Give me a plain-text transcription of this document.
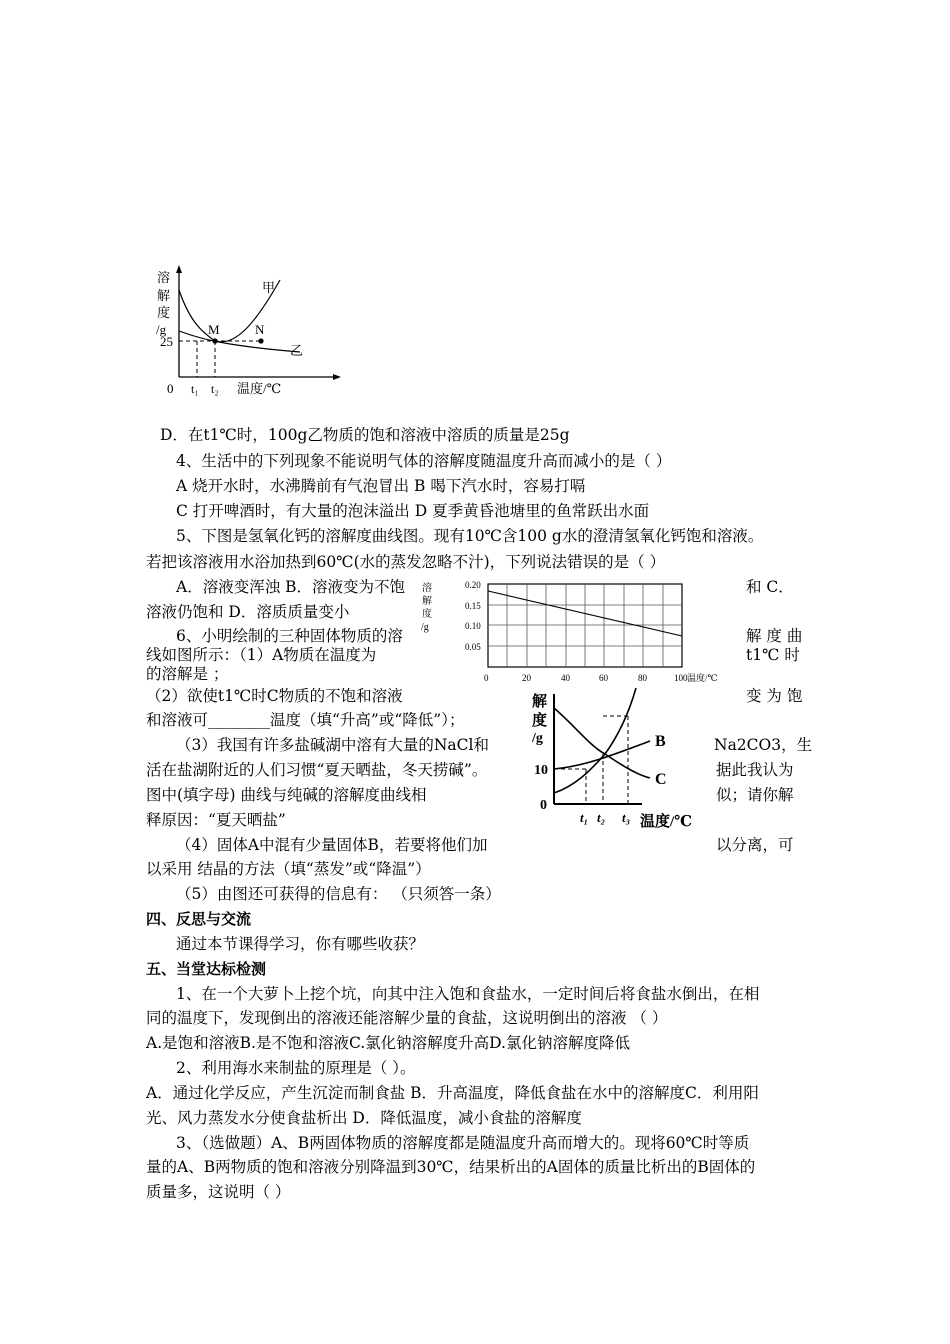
溶
解
度
/g	M	N
甲
乙
25
0 t₁ t₂ 温度/℃
溶
解
度
/g
0.20
0.15
0.10
0.05
0	20	40	60	80	100 温度/℃
解
度
/g	B
C
10
0
t₁ t₂ t₃ 温度/℃
D．在t1℃时，100g乙物质的饱和溶液中溶质的质量是25g
4、生活中的下列现象不能说明气体的溶解度随温度升高而减小的是（ ）
A 烧开水时，水沸腾前有气泡冒出 B 喝下汽水时，容易打嗝
C 打开啤酒时，有大量的泡沫溢出 D 夏季黄昏池塘里的鱼常跃出水面
5、下图是氢氧化钙的溶解度曲线图。现有10℃含100 g水的澄清氢氧化钙饱和溶液。
若把该溶液用水浴加热到60℃(水的蒸发忽略不汁)，下列说法错误的是（ ）
A．溶液变浑浊 B．溶液变为不饱	和 C．
溶液仍饱和 D．溶质质量变小
6、小明绘制的三种固体物质的溶	解 度 曲
线如图所示：（1）A物质在温度为	t1℃ 时
的溶解是 ；
（2）欲使t1℃时C物质的不饱和溶液	变 为 饱
和溶液可________温度（填“升高”或“降低”）；
（3）我国有许多盐碱湖中溶有大量的NaCl和	Na2CO3，生
活在盐湖附近的人们习惯“夏天晒盐，冬天捞碱”。	据此我认为
图中(填字母) 曲线与纯碱的溶解度曲线相	似；请你解
释原因：“夏天晒盐”
（4）固体A中混有少量固体B，若要将他们加	以分离，可
以采用 结晶的方法（填“蒸发”或“降温”）
（5）由图还可获得的信息有： （只须答一条）
四、反思与交流
通过本节课得学习，你有哪些收获？
五、当堂达标检测
1、在一个大萝卜上挖个坑，向其中注入饱和食盐水，一定时间后将食盐水倒出，在相
同的温度下，发现倒出的溶液还能溶解少量的食盐，这说明倒出的溶液 （ ）
A.是饱和溶液B.是不饱和溶液C.氯化钠溶解度升高D.氯化钠溶解度降低
2、利用海水来制盐的原理是（ ）。
A．通过化学反应，产生沉淀而制食盐 B．升高温度，降低食盐在水中的溶解度C．利用阳
光、风力蒸发水分使食盐析出 D．降低温度，减小食盐的溶解度
3、（选做题）A、B两固体物质的溶解度都是随温度升高而增大的。现将60℃时等质
量的A、B两物质的饱和溶液分别降温到30℃，结果析出的A固体的质量比析出的B固体的
质量多，这说明（ ）
